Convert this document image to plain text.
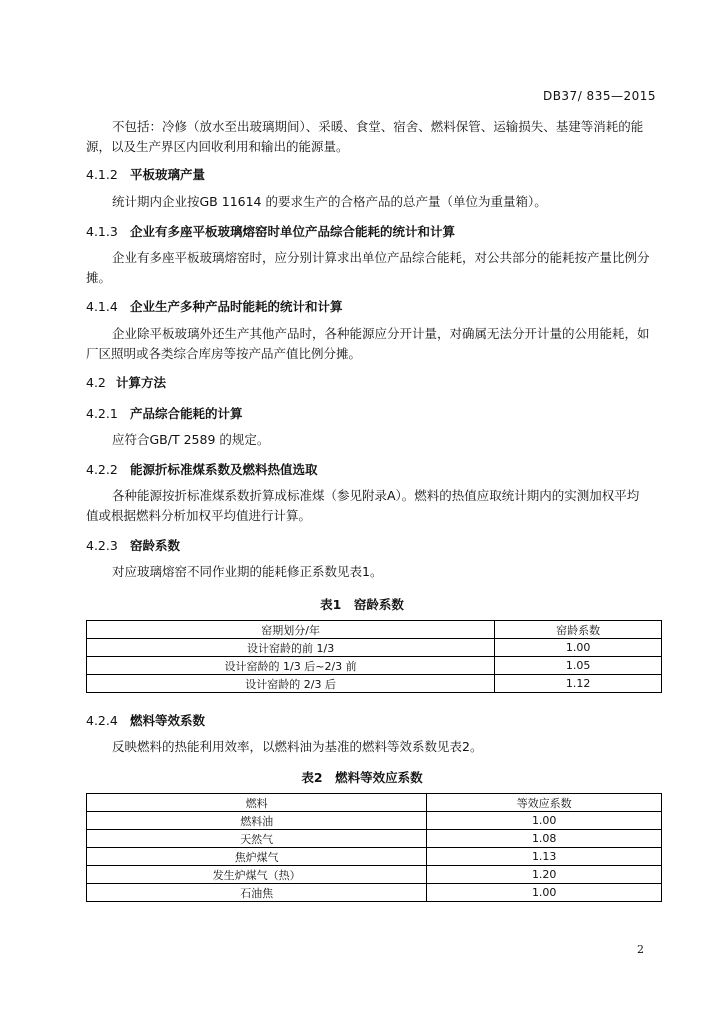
DB37/ 835—2015
不包括：冷修（放水至出玻璃期间）、采暖、食堂、宿舍、燃料保管、运输损失、基建等消耗的能
源，以及生产界区内回收利用和输出的能源量。
4.1.2 平板玻璃产量
统计期内企业按GB 11614 的要求生产的合格产品的总产量（单位为重量箱）。
4.1.3 企业有多座平板玻璃熔窑时单位产品综合能耗的统计和计算
企业有多座平板玻璃熔窑时，应分别计算求出单位产品综合能耗，对公共部分的能耗按产量比例分
摊。
4.1.4 企业生产多种产品时能耗的统计和计算
企业除平板玻璃外还生产其他产品时，各种能源应分开计量，对确属无法分开计量的公用能耗，如
厂区照明或各类综合库房等按产品产值比例分摊。
4.2 计算方法
4.2.1 产品综合能耗的计算
应符合GB/T 2589 的规定。
4.2.2 能源折标准煤系数及燃料热值选取
各种能源按折标准煤系数折算成标准煤（参见附录A）。燃料的热值应取统计期内的实测加权平均
值或根据燃料分析加权平均值进行计算。
4.2.3 窑龄系数
对应玻璃熔窑不同作业期的能耗修正系数见表1。
表1　窑龄系数
窑期划分/年	窑龄系数
设计窑龄的前 1/3	1.00
设计窑龄的 1/3 后~2/3 前	1.05
设计窑龄的 2/3 后	1.12
4.2.4 燃料等效系数
反映燃料的热能利用效率，以燃料油为基准的燃料等效系数见表2。
表2　燃料等效应系数
燃料	等效应系数
燃料油	1.00
天然气	1.08
焦炉煤气	1.13
发生炉煤气（热）	1.20
石油焦	1.00
2
